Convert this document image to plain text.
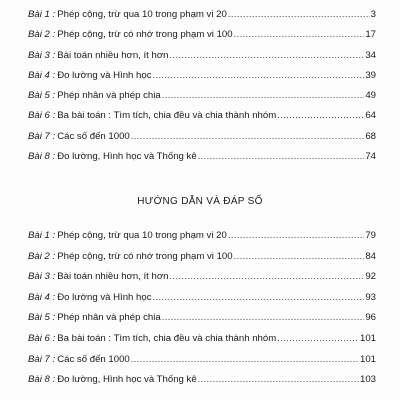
Bài 1 : Phép cộng, trừ qua 10 trong phạm vi 20 .....	3
Bài 2 : Phép cộng, trừ có nhớ trong phạm vi 100 .....	17
Bài 3 : Bài toán nhiều hơn, ít hơn .....	34
Bài 4 : Đo lường và Hình học .....	39
Bài 5 : Phép nhân và phép chia .....	49
Bài 6 : Ba bài toán : Tìm tích, chia đều và chia thành nhóm .....	64
Bài 7 : Các số đến 1000 .....	68
Bài 8 : Đo lường, Hình học và Thống kê .....	74
HƯỚNG DẪN VÀ ĐÁP SỐ
Bài 1 : Phép cộng, trừ qua 10 trong phạm vi 20 .....	79
Bài 2 : Phép cộng, trừ có nhớ trong phạm vi 100 .....	84
Bài 3 : Bài toán nhiều hơn, ít hơn .....	92
Bài 4 : Đo lường và Hình học .....	93
Bài 5 : Phép nhân và phép chia .....	96
Bài 6 : Ba bài toán : Tìm tích, chia đều và chia thành nhóm .....	101
Bài 7 : Các số đến 1000 .....	101
Bài 8 : Đo lường, Hình học và Thống kê .....	103
